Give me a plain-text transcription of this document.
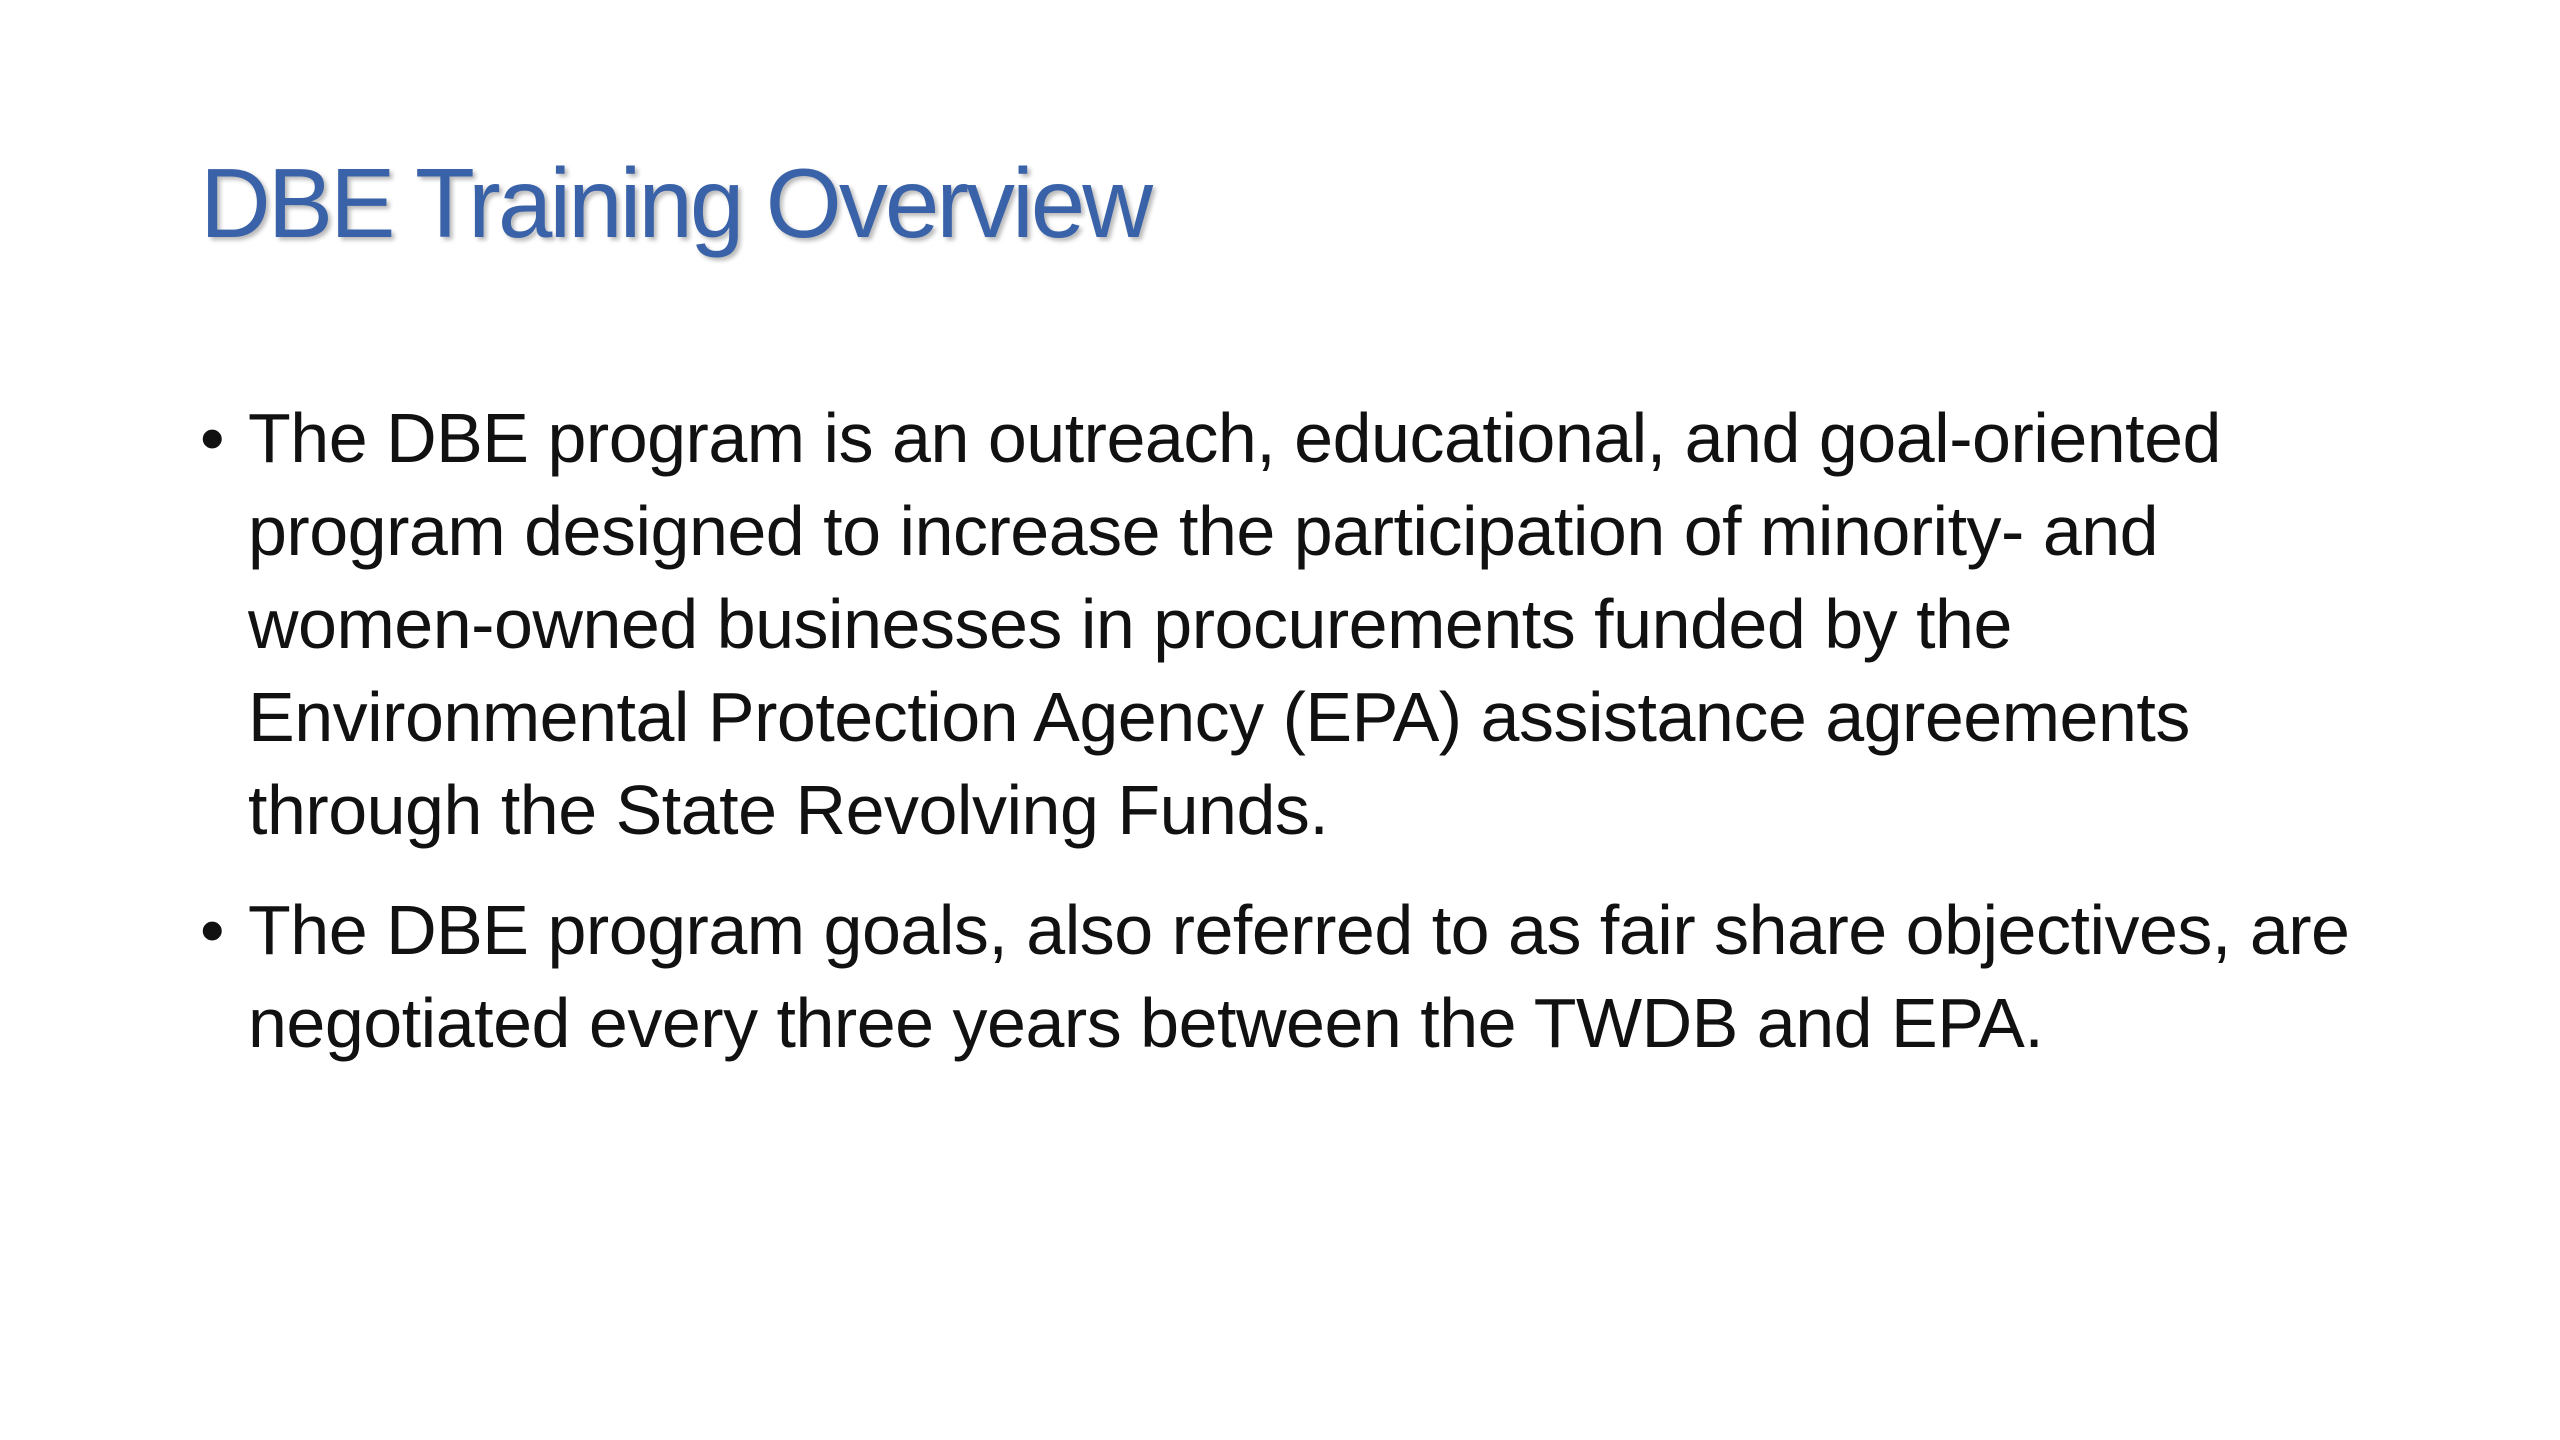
DBE Training Overview
• The DBE program is an outreach, educational, and goal-oriented program designed to increase the participation of minority- and women-owned businesses in procurements funded by the Environmental Protection Agency (EPA) assistance agreements through the State Revolving Funds.
• The DBE program goals, also referred to as fair share objectives, are negotiated every three years between the TWDB and EPA.
